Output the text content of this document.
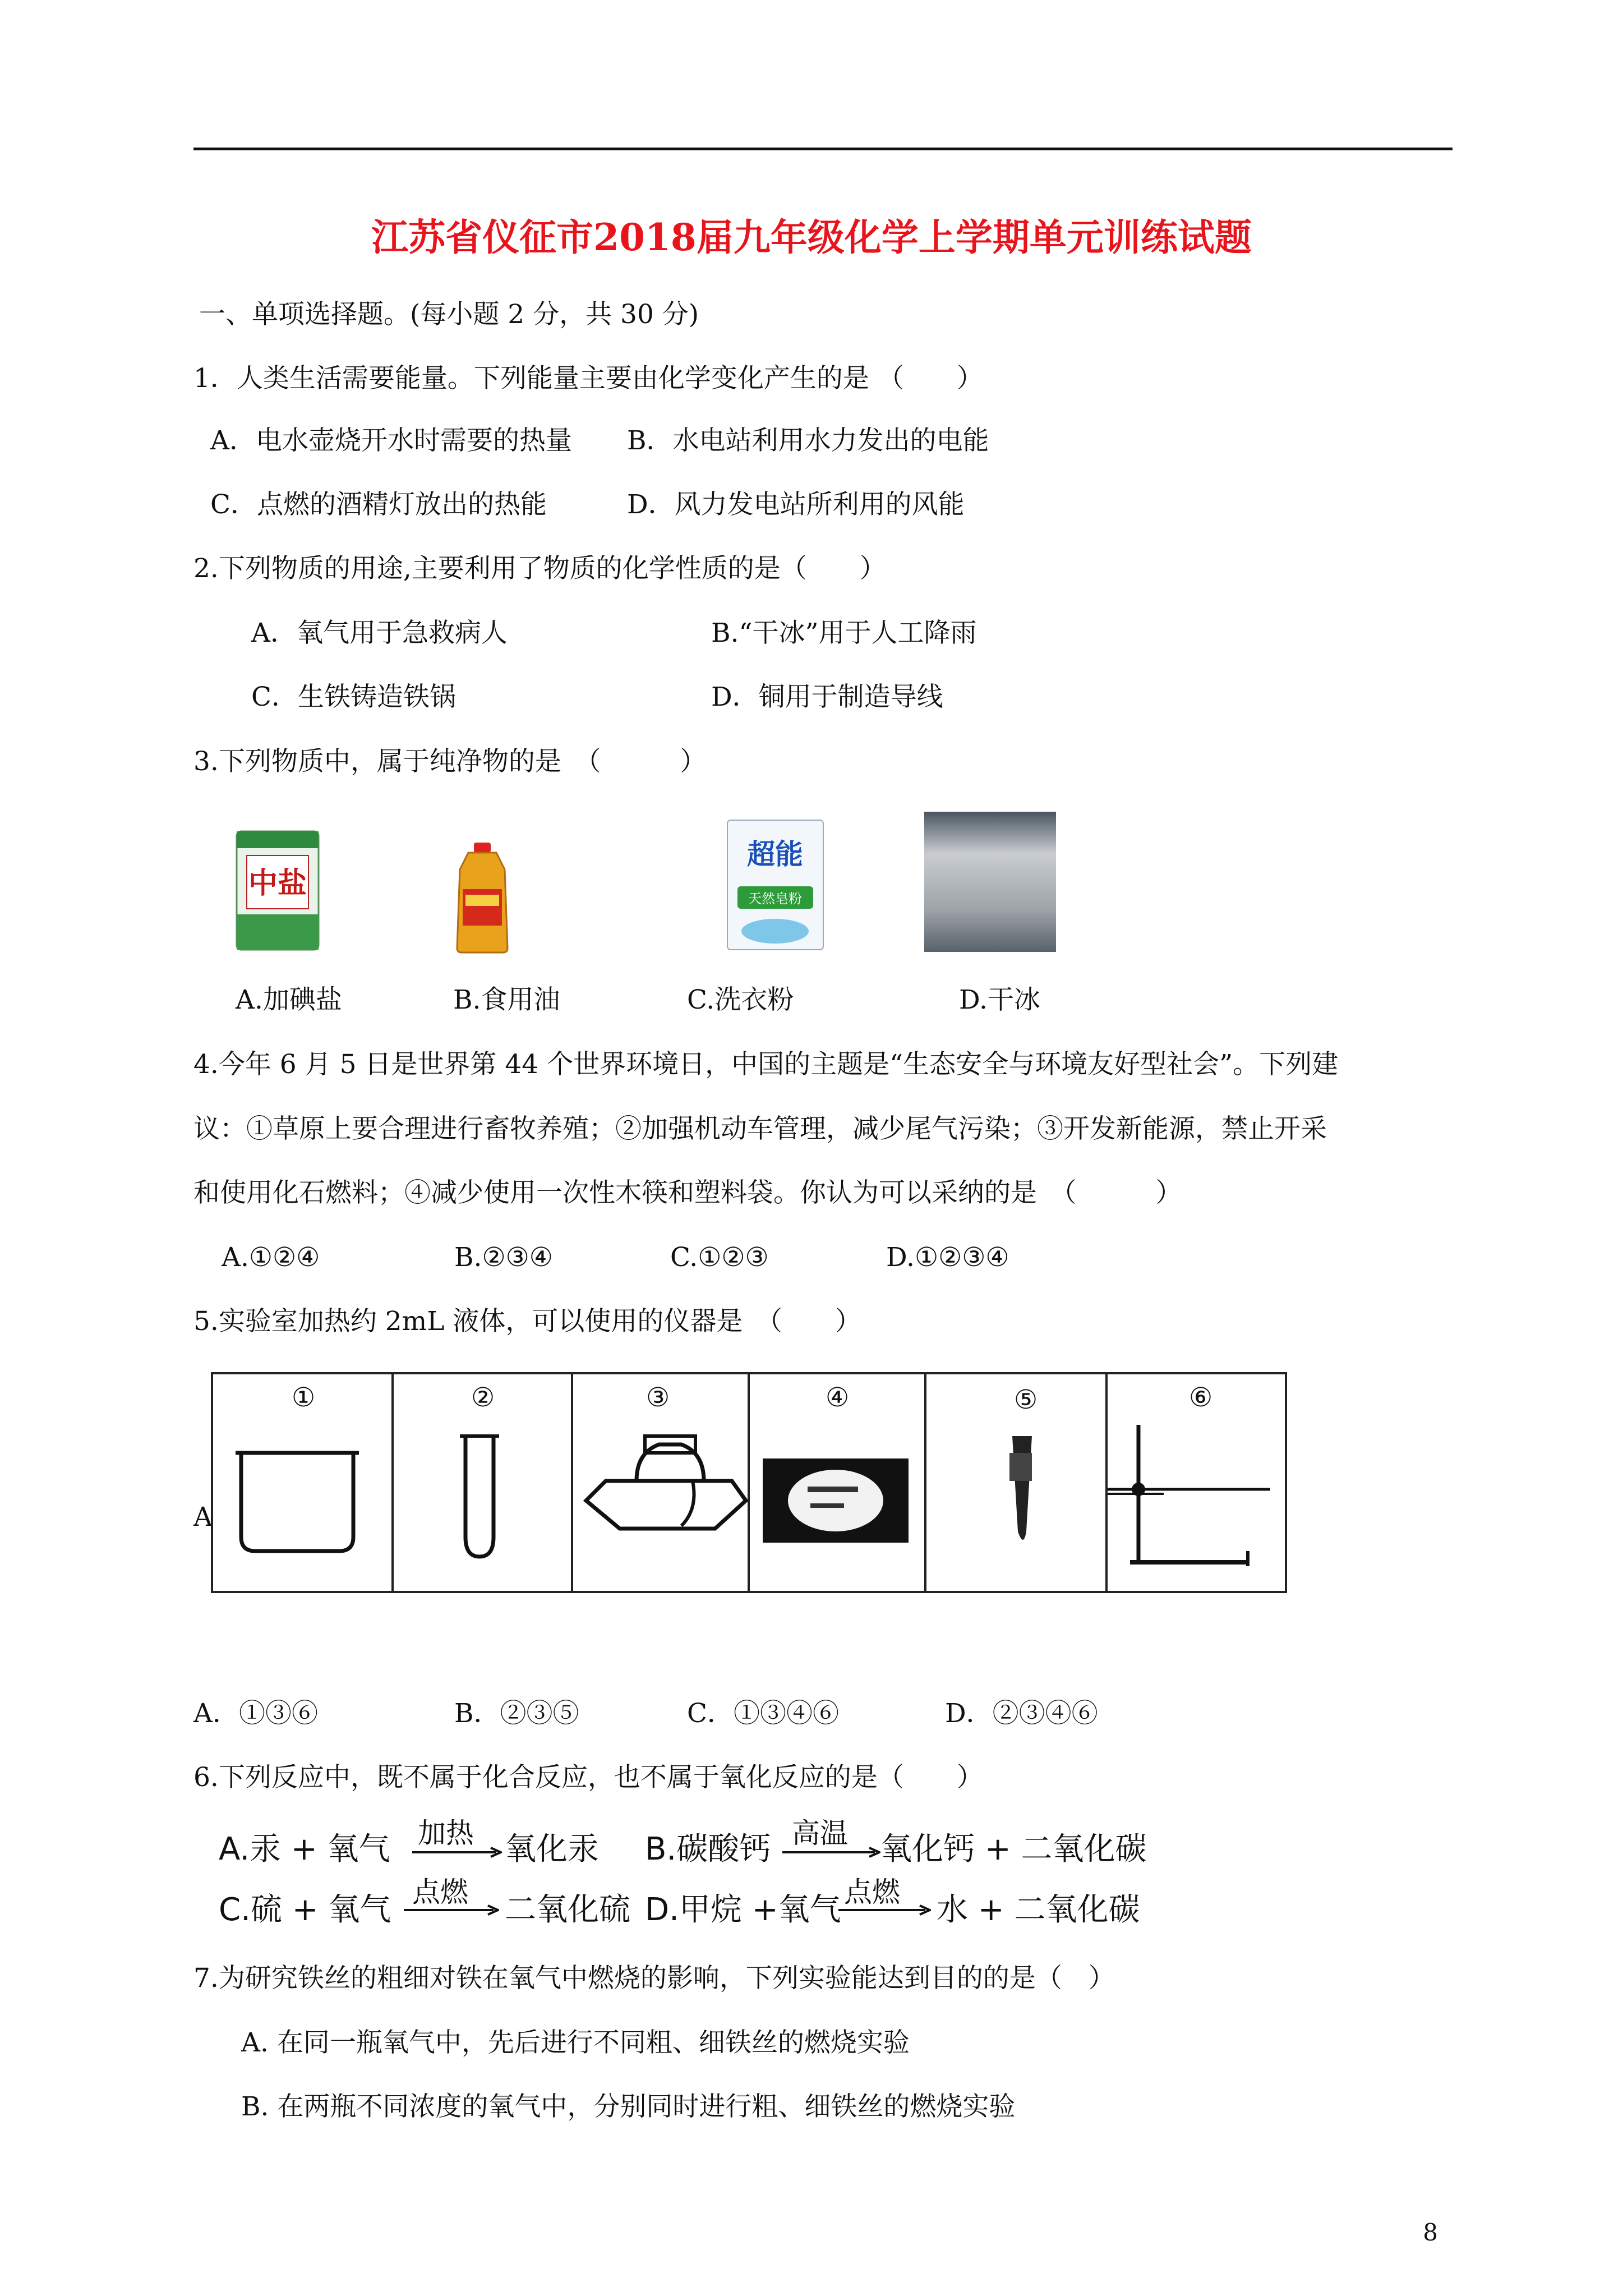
江苏省仪征市2018届九年级化学上学期单元训练试题
一、单项选择题。(每小题 2 分，共 30 分)
1．人类生活需要能量。下列能量主要由化学变化产生的是 （　　）
A．电水壶烧开水时需要的热量 B．水电站利用水力发出的电能
C．点燃的酒精灯放出的热能	D．风力发电站所利用的风能
2.下列物质的用途,主要利用了物质的化学性质的是（　　）
A．氧气用于急救病人	B.“干冰”用于人工降雨
C．生铁铸造铁锅	D．铜用于制造导线
3.下列物质中，属于纯净物的是　（　　　）
中盐
超能
天然皂粉
A.加碘盐	B.食用油	C.洗衣粉	D.干冰
4.今年 6 月 5 日是世界第 44 个世界环境日，中国的主题是“生态安全与环境友好型社会”。下列建
议：①草原上要合理进行畜牧养殖；②加强机动车管理，减少尾气污染；③开发新能源，禁止开采
和使用化石燃料；④减少使用一次性木筷和塑料袋。你认为可以采纳的是　（　　　）
A.①②④	B.②③④	C.①②③	D.①②③④
5.实验室加热约 2mL 液体，可以使用的仪器是　（　　）
A
①	②	③	④	⑤	⑥
A．①③⑥	B．②③⑤	C．①③④⑥	D．②③④⑥
6.下列反应中，既不属于化合反应，也不属于氧化反应的是（　　）
A.汞 + 氧气 加热 氧化汞 B.碳酸钙 高温 氧化钙 + 二氧化碳
C.硫 + 氧气 点燃 二氧化硫 D.甲烷 +氧气 点燃 水 + 二氧化碳
7.为研究铁丝的粗细对铁在氧气中燃烧的影响，下列实验能达到目的的是（　）
A. 在同一瓶氧气中，先后进行不同粗、细铁丝的燃烧实验
B. 在两瓶不同浓度的氧气中，分别同时进行粗、细铁丝的燃烧实验
8
